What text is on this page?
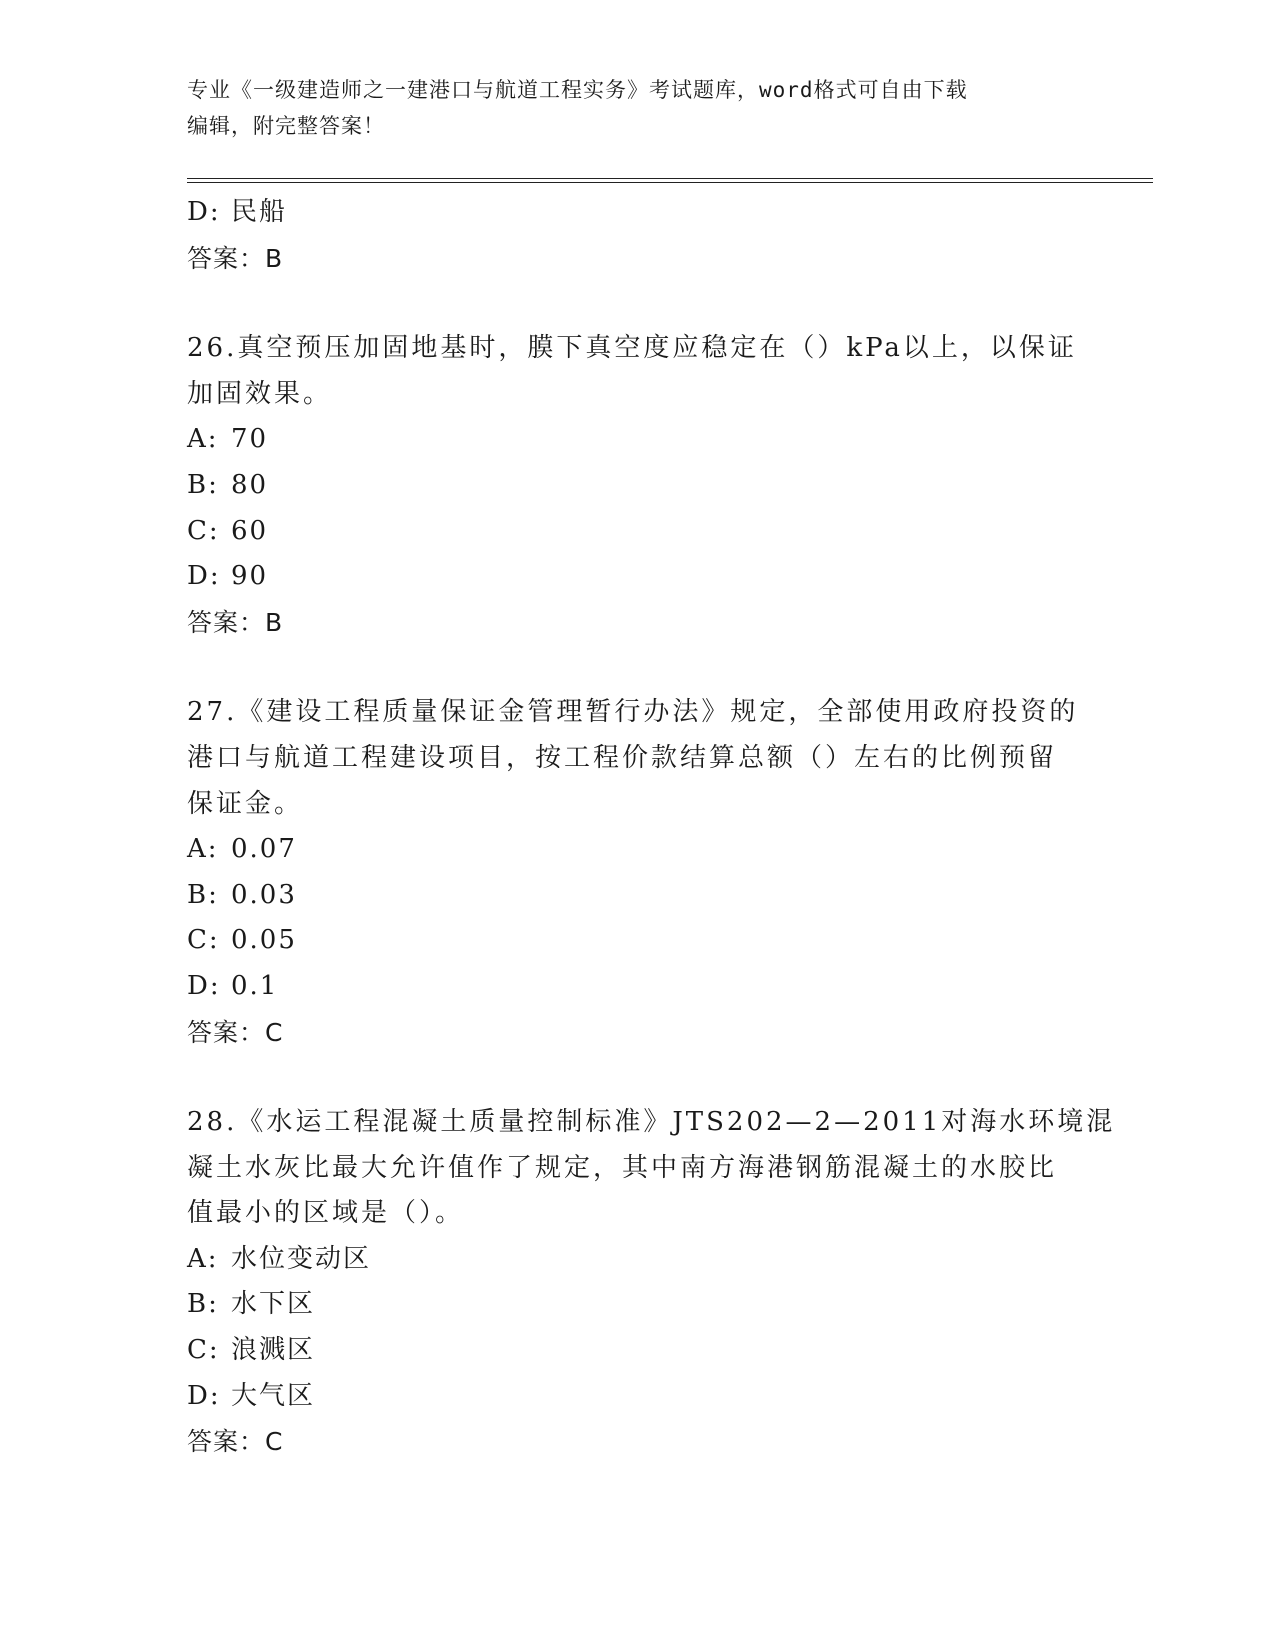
专业《一级建造师之一建港口与航道工程实务》考试题库，word格式可自由下载
编辑，附完整答案！
D: 民船
答案：B
26.真空预压加固地基时，膜下真空度应稳定在（）kPa以上，以保证
加固效果。
A: 70
B: 80
C: 60
D: 90
答案：B
27.《建设工程质量保证金管理暂行办法》规定，全部使用政府投资的
港口与航道工程建设项目，按工程价款结算总额（）左右的比例预留
保证金。
A: 0.07
B: 0.03
C: 0.05
D: 0.1
答案：C
28.《水运工程混凝土质量控制标准》JTS202—2—2011对海水环境混
凝土水灰比最大允许值作了规定，其中南方海港钢筋混凝土的水胶比
值最小的区域是（）。
A: 水位变动区
B: 水下区
C: 浪溅区
D: 大气区
答案：C
